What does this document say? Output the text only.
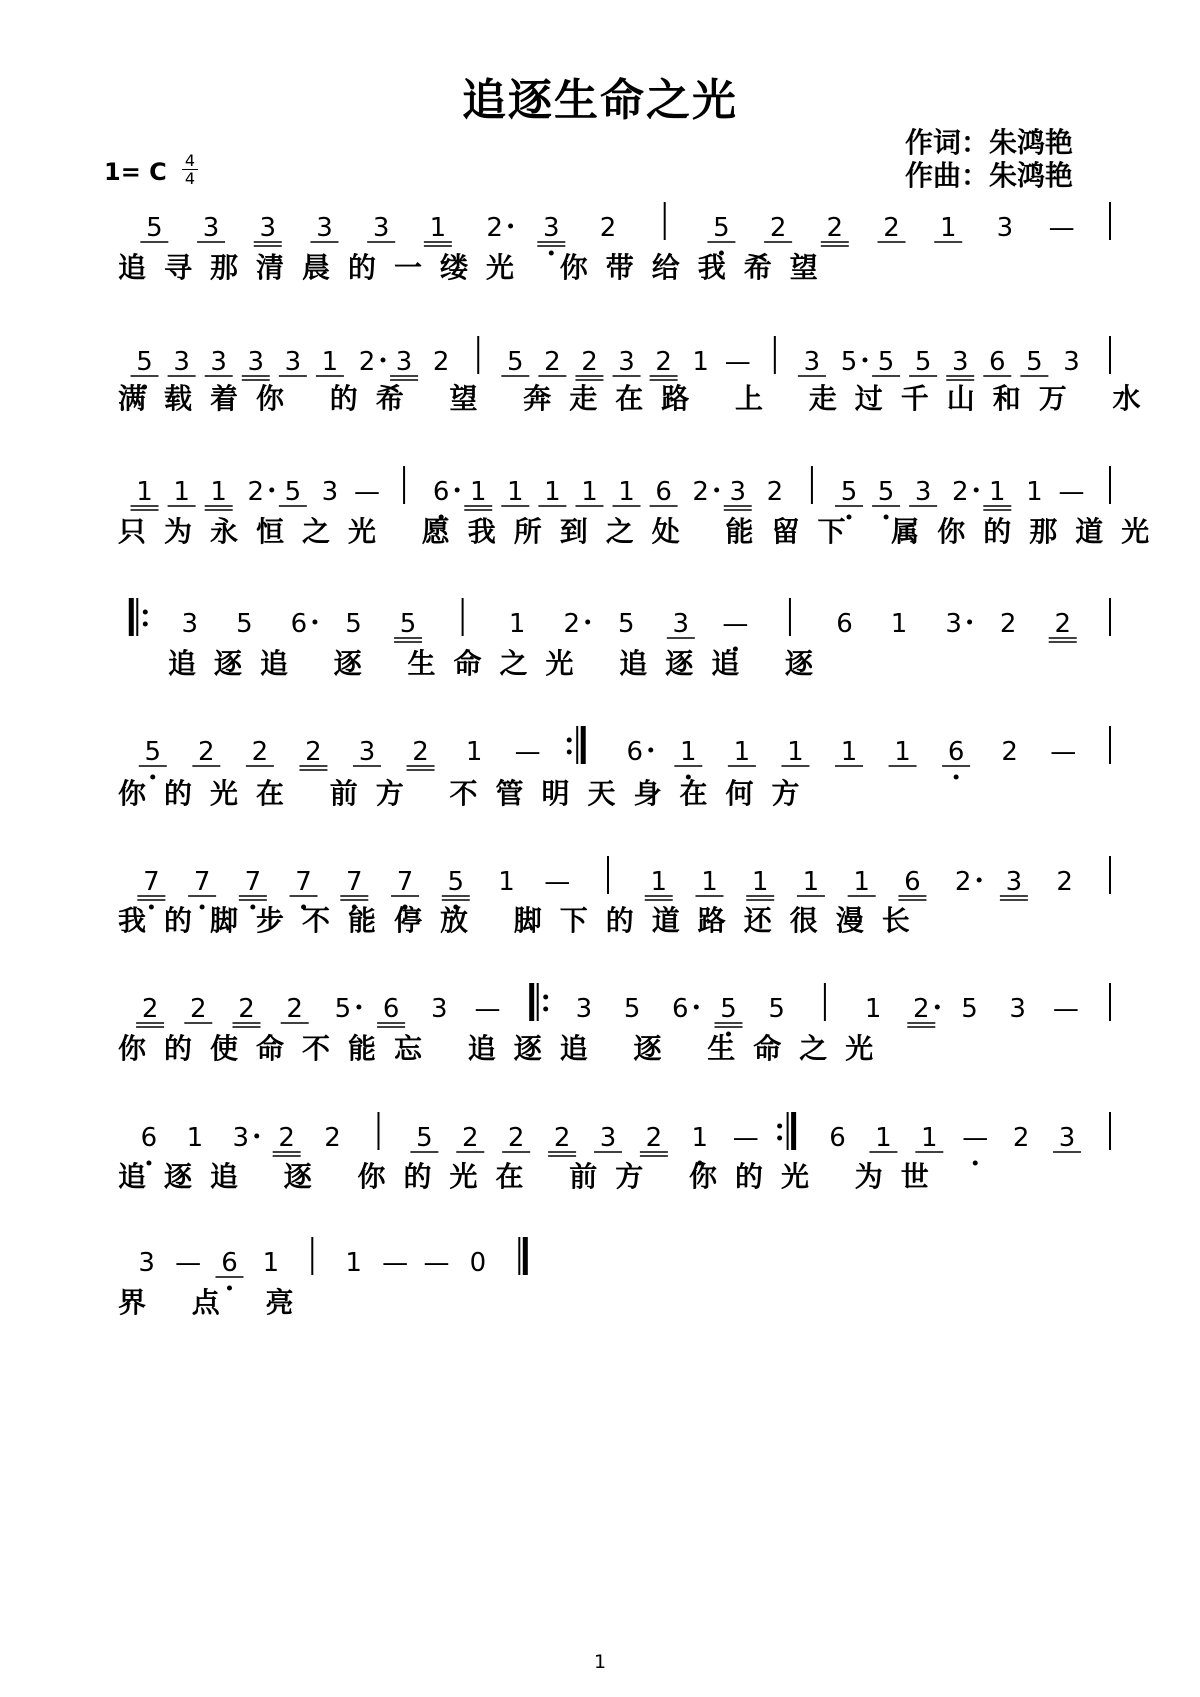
追逐生命之光
作词：朱鸿艳
作曲：朱鸿艳
1= C	4
4
5 3 3 3 3 1 2 3 2	5 2 2 2 1 3 —
5 3 3 3 3 1 2 3 2 5 2 2 3 2 1 — 3 5 5 5 3 6 5 3
1 1 1 2 5 3 — 6 1 1 1 1 1 6 2 3 2 5 5 3 2 1 1 —
3 5 6 5 5	1 2 5 3 —	6 1 3 2 2
5 2 2 2 3 2 1 —	6 1 1 1 1 1 6 2 —
7 7 7 7 7 7 5 1 —	1 1 1 1 1 6 2 3 2
2 2 2 2 5 6 3 —	3 5 6 5 5	1 2 5 3 —
6 1 3 2 2	5 2 2 2 3 2 1 —	6 1 1 — 2 3
3 — 6 1	1 — — 0
追寻那清晨的一缕光 你带给我希望
满载着你 的希 望 奔走在路 上 走过千山和万 水
只为永恒之光 愿我所到之处 能留下 属你的那道光
追逐追 逐 生命之光 追逐追 逐
你的光在 前方 不管明天身在何方
我的脚步不能停放 脚下的道路还很漫长
你的使命不能忘 追逐追 逐 生命之光
追逐追 逐 你的光在 前方 你的光 为世
界 点 亮
1
